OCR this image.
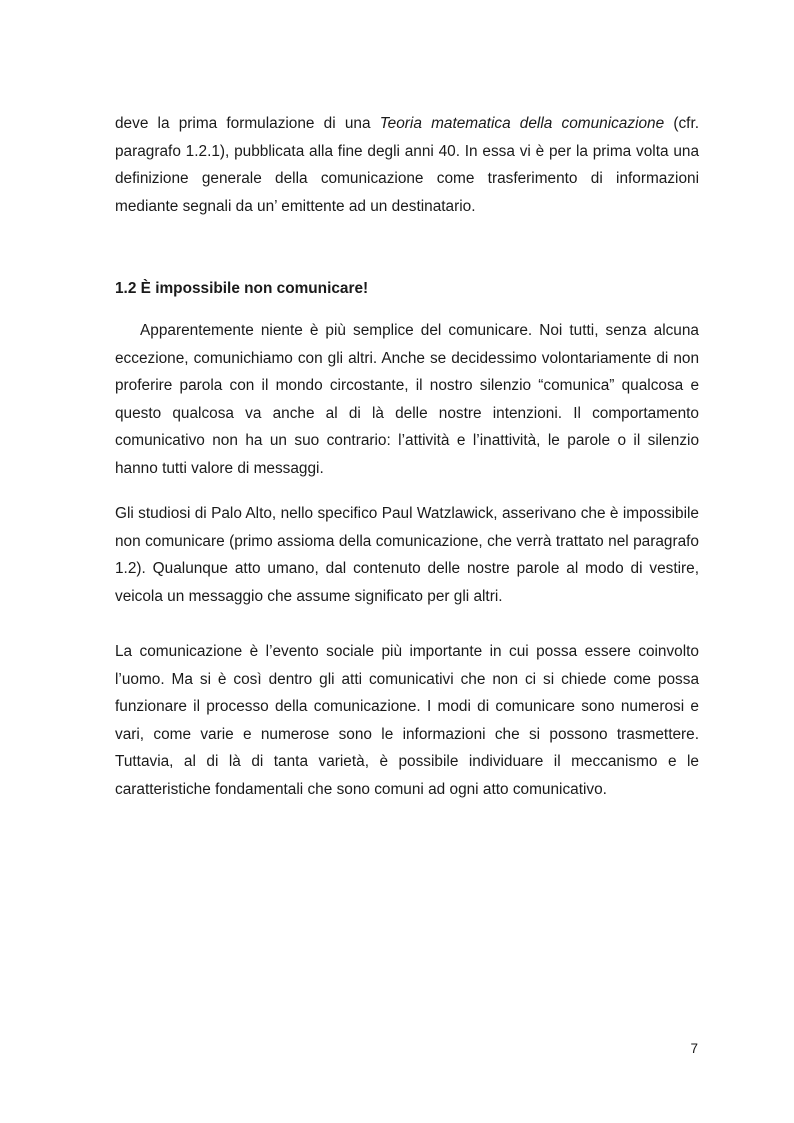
deve la prima formulazione di una Teoria matematica della comunicazione (cfr. paragrafo 1.2.1), pubblicata alla fine degli anni 40. In essa vi è per la prima volta una definizione generale della comunicazione come trasferimento di informazioni mediante segnali da un’ emittente ad un destinatario.

1.2 È impossibile non comunicare!

Apparentemente niente è più semplice del comunicare. Noi tutti, senza alcuna eccezione, comunichiamo con gli altri. Anche se decidessimo volontariamente di non proferire parola con il mondo circostante, il nostro silenzio “comunica” qualcosa e questo qualcosa va anche al di là delle nostre intenzioni. Il comportamento comunicativo non ha un suo contrario: l’attività e l’inattività, le parole o il silenzio hanno tutti valore di messaggi.

Gli studiosi di Palo Alto, nello specifico Paul Watzlawick, asserivano che è impossibile non comunicare (primo assioma della comunicazione, che verrà trattato nel paragrafo 1.2). Qualunque atto umano, dal contenuto delle nostre parole al modo di vestire, veicola un messaggio che assume significato per gli altri.

La comunicazione è l’evento sociale più importante in cui possa essere coinvolto l’uomo. Ma si è così dentro gli atti comunicativi che non ci si chiede come possa funzionare il processo della comunicazione. I modi di comunicare sono numerosi e vari, come varie e numerose sono le informazioni che si possono trasmettere. Tuttavia, al di là di tanta varietà, è possibile individuare il meccanismo e le caratteristiche fondamentali che sono comuni ad ogni atto comunicativo.

7
